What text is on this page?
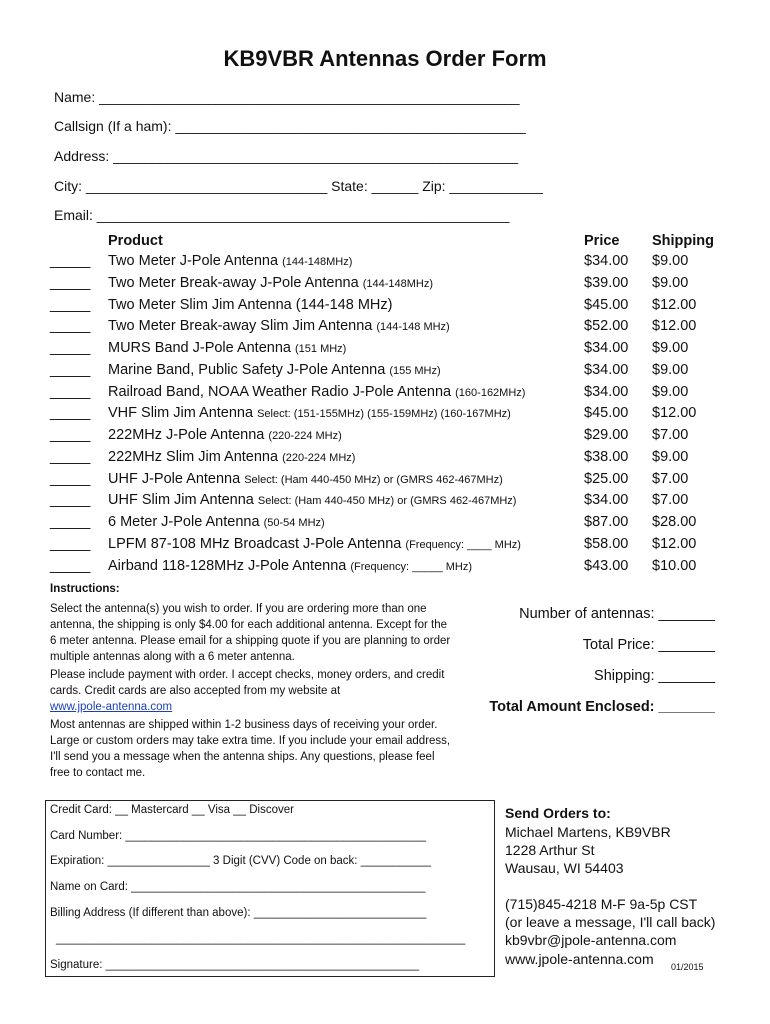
KB9VBR Antennas Order Form
Name: ______________________________________________________
Callsign (If a ham): _____________________________________________
Address: ____________________________________________________
City: _______________________________ State: ______ Zip: ____________
Email: _____________________________________________________
Product	Price Shipping
_____ Two Meter J-Pole Antenna (144-148MHz)	$34.00 $9.00
_____ Two Meter Break-away J-Pole Antenna (144-148MHz)	$39.00 $9.00
_____ Two Meter Slim Jim Antenna (144-148 MHz)	$45.00 $12.00
_____ Two Meter Break-away Slim Jim Antenna (144-148 MHz)	$52.00 $12.00
_____ MURS Band J-Pole Antenna (151 MHz)	$34.00 $9.00
_____ Marine Band, Public Safety J-Pole Antenna (155 MHz)	$34.00 $9.00
_____ Railroad Band, NOAA Weather Radio J-Pole Antenna (160-162MHz)	$34.00 $9.00
_____ VHF Slim Jim Antenna Select: (151-155MHz) (155-159MHz) (160-167MHz)	$45.00 $12.00
_____ 222MHz J-Pole Antenna (220-224 MHz)	$29.00 $7.00
_____ 222MHz Slim Jim Antenna (220-224 MHz)	$38.00 $9.00
_____ UHF J-Pole Antenna Select: (Ham 440-450 MHz) or (GMRS 462-467MHz)	$25.00 $7.00
_____ UHF Slim Jim Antenna Select: (Ham 440-450 MHz) or (GMRS 462-467MHz)	$34.00 $7.00
_____ 6 Meter J-Pole Antenna (50-54 MHz)	$87.00 $28.00
_____ LPFM 87-108 MHz Broadcast J-Pole Antenna (Frequency: ____ MHz)	$58.00 $12.00
_____ Airband 118-128MHz J-Pole Antenna (Frequency: _____ MHz)	$43.00 $10.00
Instructions:
Select the antenna(s) you wish to order. If you are ordering more than one antenna, the shipping is only $4.00 for each additional antenna. Except for the 6 meter antenna. Please email for a shipping quote if you are planning to order multiple antennas along with a 6 meter antenna.
Please include payment with order. I accept checks, money orders, and credit cards. Credit cards are also accepted from my website at
www.jpole-antenna.com
Most antennas are shipped within 1-2 business days of receiving your order. Large or custom orders may take extra time. If you include your email address, I'll send you a message when the antenna ships. Any questions, please feel free to contact me.
Number of antennas: _______
Total Price: _______
Shipping: _______
Total Amount Enclosed: _______
Credit Card: __ Mastercard __ Visa __ Discover
Card Number: _______________________________________________
Expiration: ________________ 3 Digit (CVV) Code on back: ___________
Name on Card: ______________________________________________
Billing Address (If different than above): ___________________________
________________________________________________________________
Signature: _________________________________________________
Send Orders to:
Michael Martens, KB9VBR
1228 Arthur St
Wausau, WI 54403
(715)845-4218 M-F 9a-5p CST
(or leave a message, I'll call back)
kb9vbr@jpole-antenna.com
www.jpole-antenna.com 01/2015
